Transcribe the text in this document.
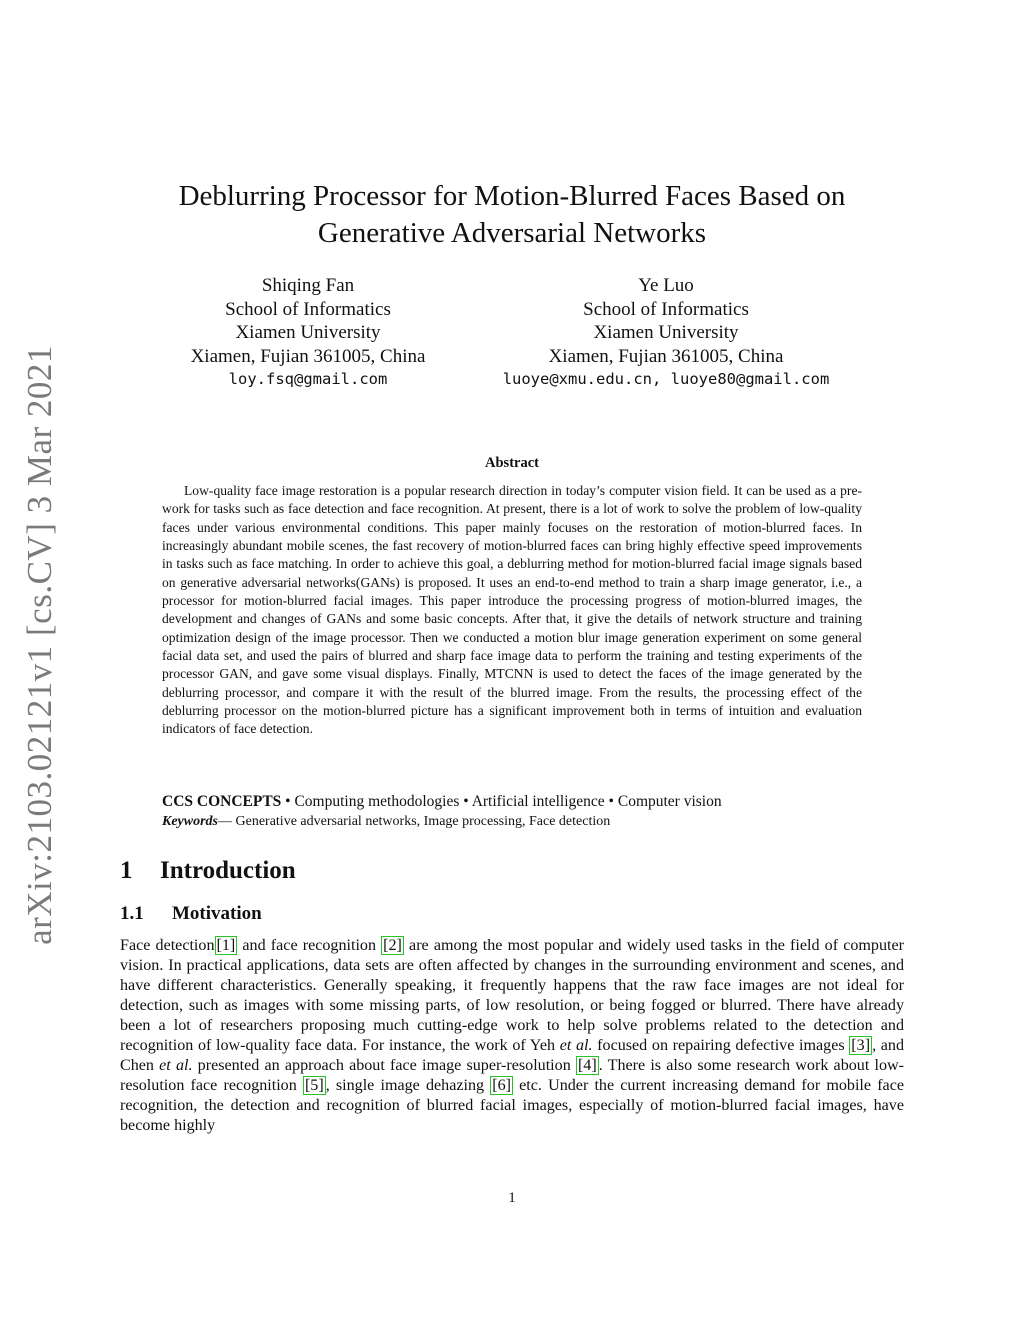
arXiv:2103.02121v1 [cs.CV] 3 Mar 2021
Deblurring Processor for Motion-Blurred Faces Based on Generative Adversarial Networks
Shiqing Fan
School of Informatics
Xiamen University
Xiamen, Fujian 361005, China
loy.fsq@gmail.com
Ye Luo
School of Informatics
Xiamen University
Xiamen, Fujian 361005, China
luoye@xmu.edu.cn, luoye80@gmail.com
Abstract

Low-quality face image restoration is a popular research direction in today’s computer vision field. It can be used as a pre-work for tasks such as face detection and face recognition. At present, there is a lot of work to solve the problem of low-quality faces under various environmental conditions. This paper mainly focuses on the restoration of motion-blurred faces. In increasingly abundant mobile scenes, the fast recovery of motion-blurred faces can bring highly effective speed improvements in tasks such as face matching. In order to achieve this goal, a deblurring method for motion-blurred facial image signals based on generative adversarial networks(GANs) is proposed. It uses an end-to-end method to train a sharp image generator, i.e., a processor for motion-blurred facial images. This paper introduce the processing progress of motion-blurred images, the development and changes of GANs and some basic concepts. After that, it give the details of network structure and training optimization design of the image processor. Then we conducted a motion blur image generation experiment on some general facial data set, and used the pairs of blurred and sharp face image data to perform the training and testing experiments of the processor GAN, and gave some visual displays. Finally, MTCNN is used to detect the faces of the image generated by the deblurring processor, and compare it with the result of the blurred image. From the results, the processing effect of the deblurring processor on the motion-blurred picture has a significant improvement both in terms of intuition and evaluation indicators of face detection.

CCS CONCEPTS • Computing methodologies • Artificial intelligence • Computer vision
Keywords— Generative adversarial networks, Image processing, Face detection
1 Introduction
1.1 Motivation

Face detection [1] and face recognition [2] are among the most popular and widely used tasks in the field of computer vision. In practical applications, data sets are often affected by changes in the surrounding environment and scenes, and have different characteristics. Generally speaking, it frequently happens that the raw face images are not ideal for detection, such as images with some missing parts, of low resolution, or being fogged or blurred. There have already been a lot of researchers proposing much cutting-edge work to help solve problems related to the detection and recognition of low-quality face data. For instance, the work of Yeh et al. focused on repairing defective images [3] , and Chen et al. presented an approach about face image super-resolution [4] . There is also some research work about low-resolution face recognition [5] , single image dehazing [6] etc. Under the current increasing demand for mobile face recognition, the detection and recognition of blurred facial images, especially of motion-blurred facial images, have become highly

1
